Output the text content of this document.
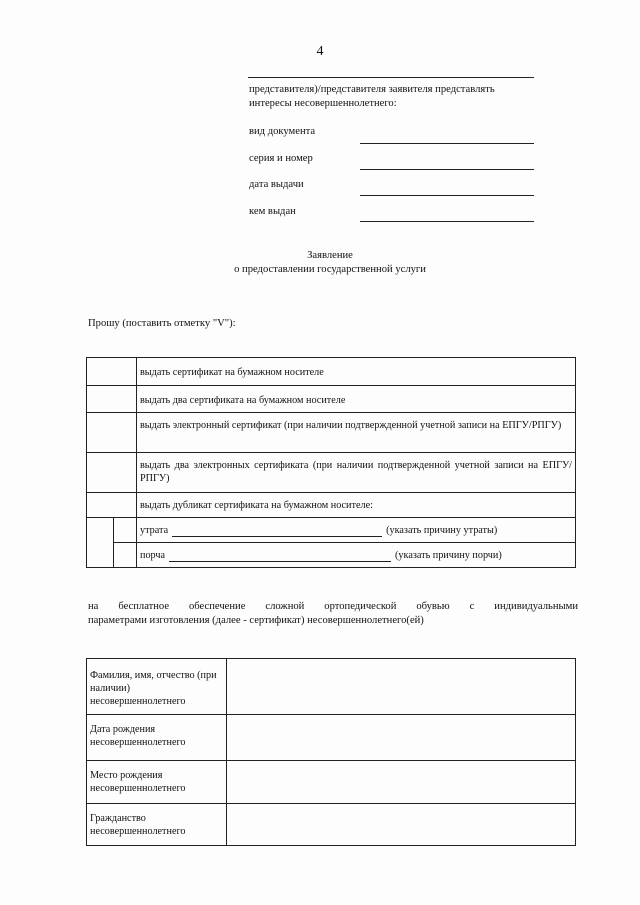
4
представителя)/представителя заявителя представлять
интересы несовершеннолетнего:
вид документа
серия и номер
дата выдачи
кем выдан
Заявление
о предоставлении государственной услуги
Прошу (поставить отметку "V"):
		выдать сертификат на бумажном носителе
		выдать два сертификата на бумажном носителе
		выдать электронный сертификат (при наличии подтвержденной учетной записи на ЕПГУ/РПГУ)
		выдать два электронных сертификата (при наличии подтвержденной учетной записи на ЕПГУ/РПГУ)
		выдать дубликат сертификата на бумажном носителе:

		утрата (указать причину утраты)

		порча (указать причину порчи)
на бесплатное обеспечение сложной ортопедической обувью с индивидуальными
параметрами изготовления (далее - сертификат) несовершеннолетнего(ей)
Фамилия, имя, отчество (при наличии) несовершеннолетнего	
Дата рождения несовершеннолетнего	
Место рождения несовершеннолетнего	
Гражданство несовершеннолетнего	
